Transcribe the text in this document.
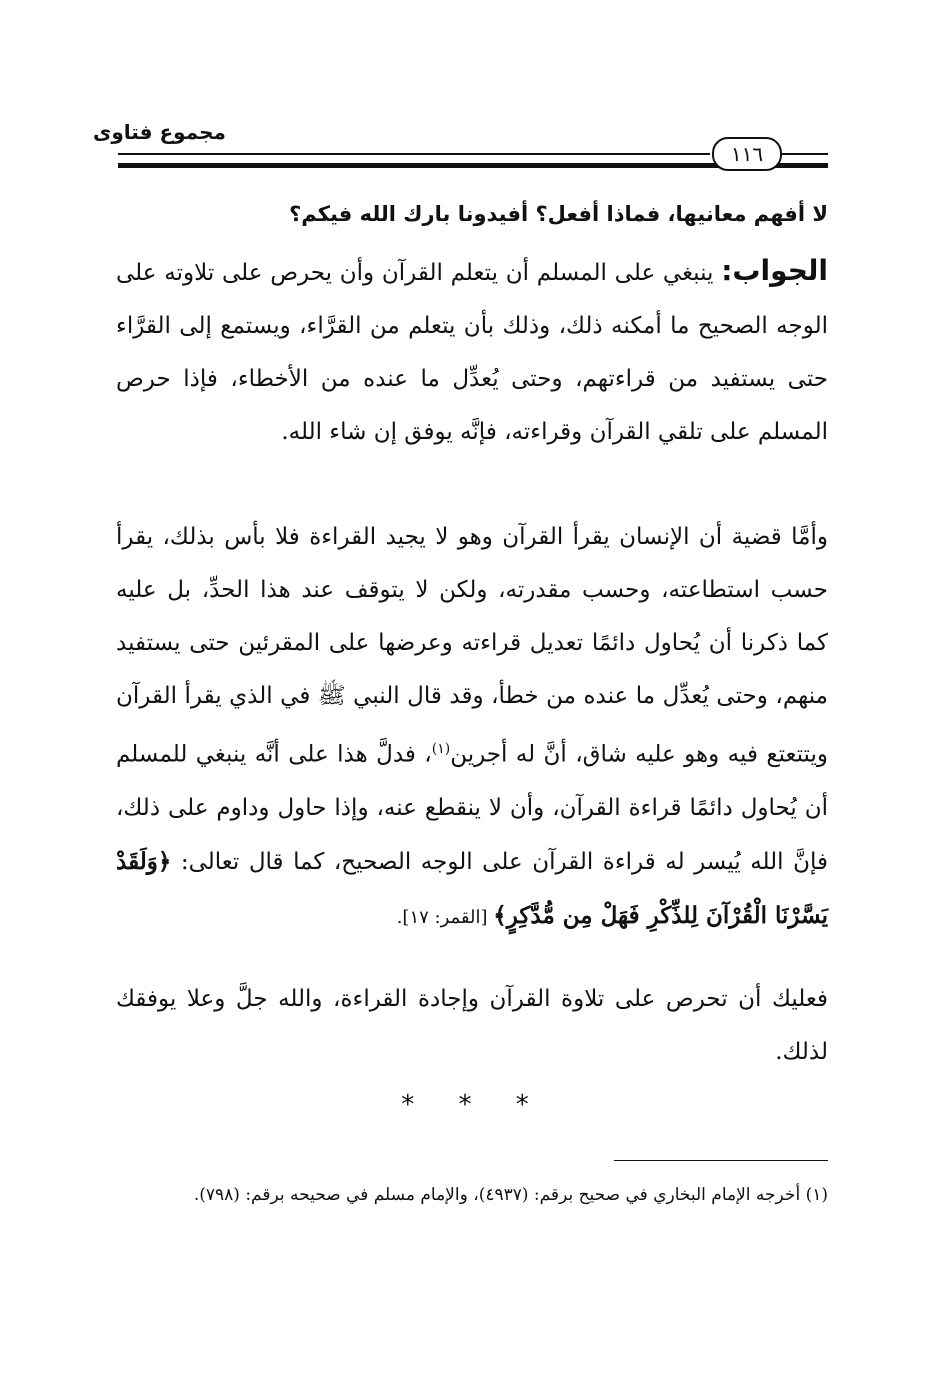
مجموع فتاوى
١١٦
لا أفهم معانيها، فماذا أفعل؟ أفيدونا بارك الله فيكم؟
الجواب: ينبغي على المسلم أن يتعلم القرآن وأن يحرص على تلاوته على الوجه الصحيح ما أمكنه ذلك، وذلك بأن يتعلم من القرَّاء، ويستمع إلى القرَّاء حتى يستفيد من قراءتهم، وحتى يُعدِّل ما عنده من الأخطاء، فإذا حرص المسلم على تلقي القرآن وقراءته، فإنَّه يوفق إن شاء الله.
وأمَّا قضية أن الإنسان يقرأ القرآن وهو لا يجيد القراءة فلا بأس بذلك، يقرأ حسب استطاعته، وحسب مقدرته، ولكن لا يتوقف عند هذا الحدِّ، بل عليه كما ذكرنا أن يُحاول دائمًا تعديل قراءته وعرضها على المقرئين حتى يستفيد منهم، وحتى يُعدِّل ما عنده من خطأ، وقد قال النبي ﷺ في الذي يقرأ القرآن ويتتعتع فيه وهو عليه شاق، أنَّ له أجرين$^{(١)}$، فدلَّ هذا على أنَّه ينبغي للمسلم أن يُحاول دائمًا قراءة القرآن، وأن لا ينقطع عنه، وإذا حاول وداوم على ذلك، فإنَّ الله يُيسر له قراءة القرآن على الوجه الصحيح، كما قال تعالى: ﴿وَلَقَدْ يَسَّرْنَا الْقُرْآنَ لِلذِّكْرِ فَهَلْ مِن مُّدَّكِرٍ﴾ [القمر: ١٧].
فعليك أن تحرص على تلاوة القرآن وإجادة القراءة، والله جلَّ وعلا يوفقك لذلك.
* * *
(١) أخرجه الإمام البخاري في صحيح برقم: (٤٩٣٧)، والإمام مسلم في صحيحه برقم: (٧٩٨).
